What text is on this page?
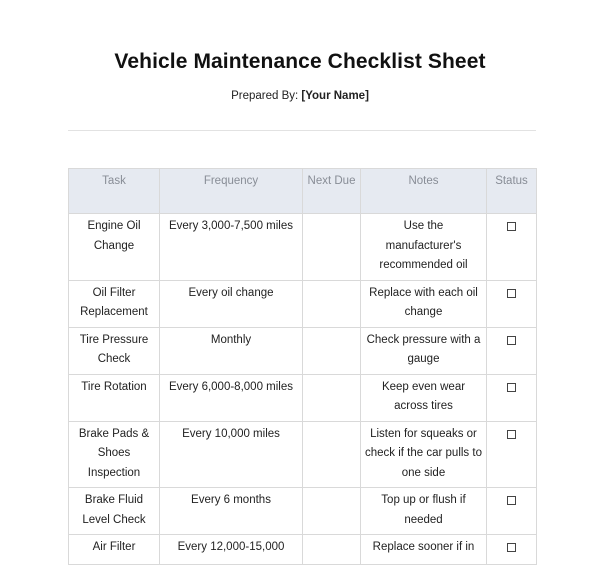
Vehicle Maintenance Checklist Sheet
Prepared By: [Your Name]
Task	Frequency	Next Due	Notes	Status
Engine Oil Change	Every 3,000-7,500 miles		Use the manufacturer's recommended oil	
Oil Filter Replacement	Every oil change		Replace with each oil change	
Tire Pressure Check	Monthly		Check pressure with a gauge	
Tire Rotation	Every 6,000-8,000 miles		Keep even wear across tires	
Brake Pads & Shoes Inspection	Every 10,000 miles		Listen for squeaks or check if the car pulls to one side	
Brake Fluid Level Check	Every 6 months		Top up or flush if needed	
Air Filter	Every 12,000-15,000		Replace sooner if in	
